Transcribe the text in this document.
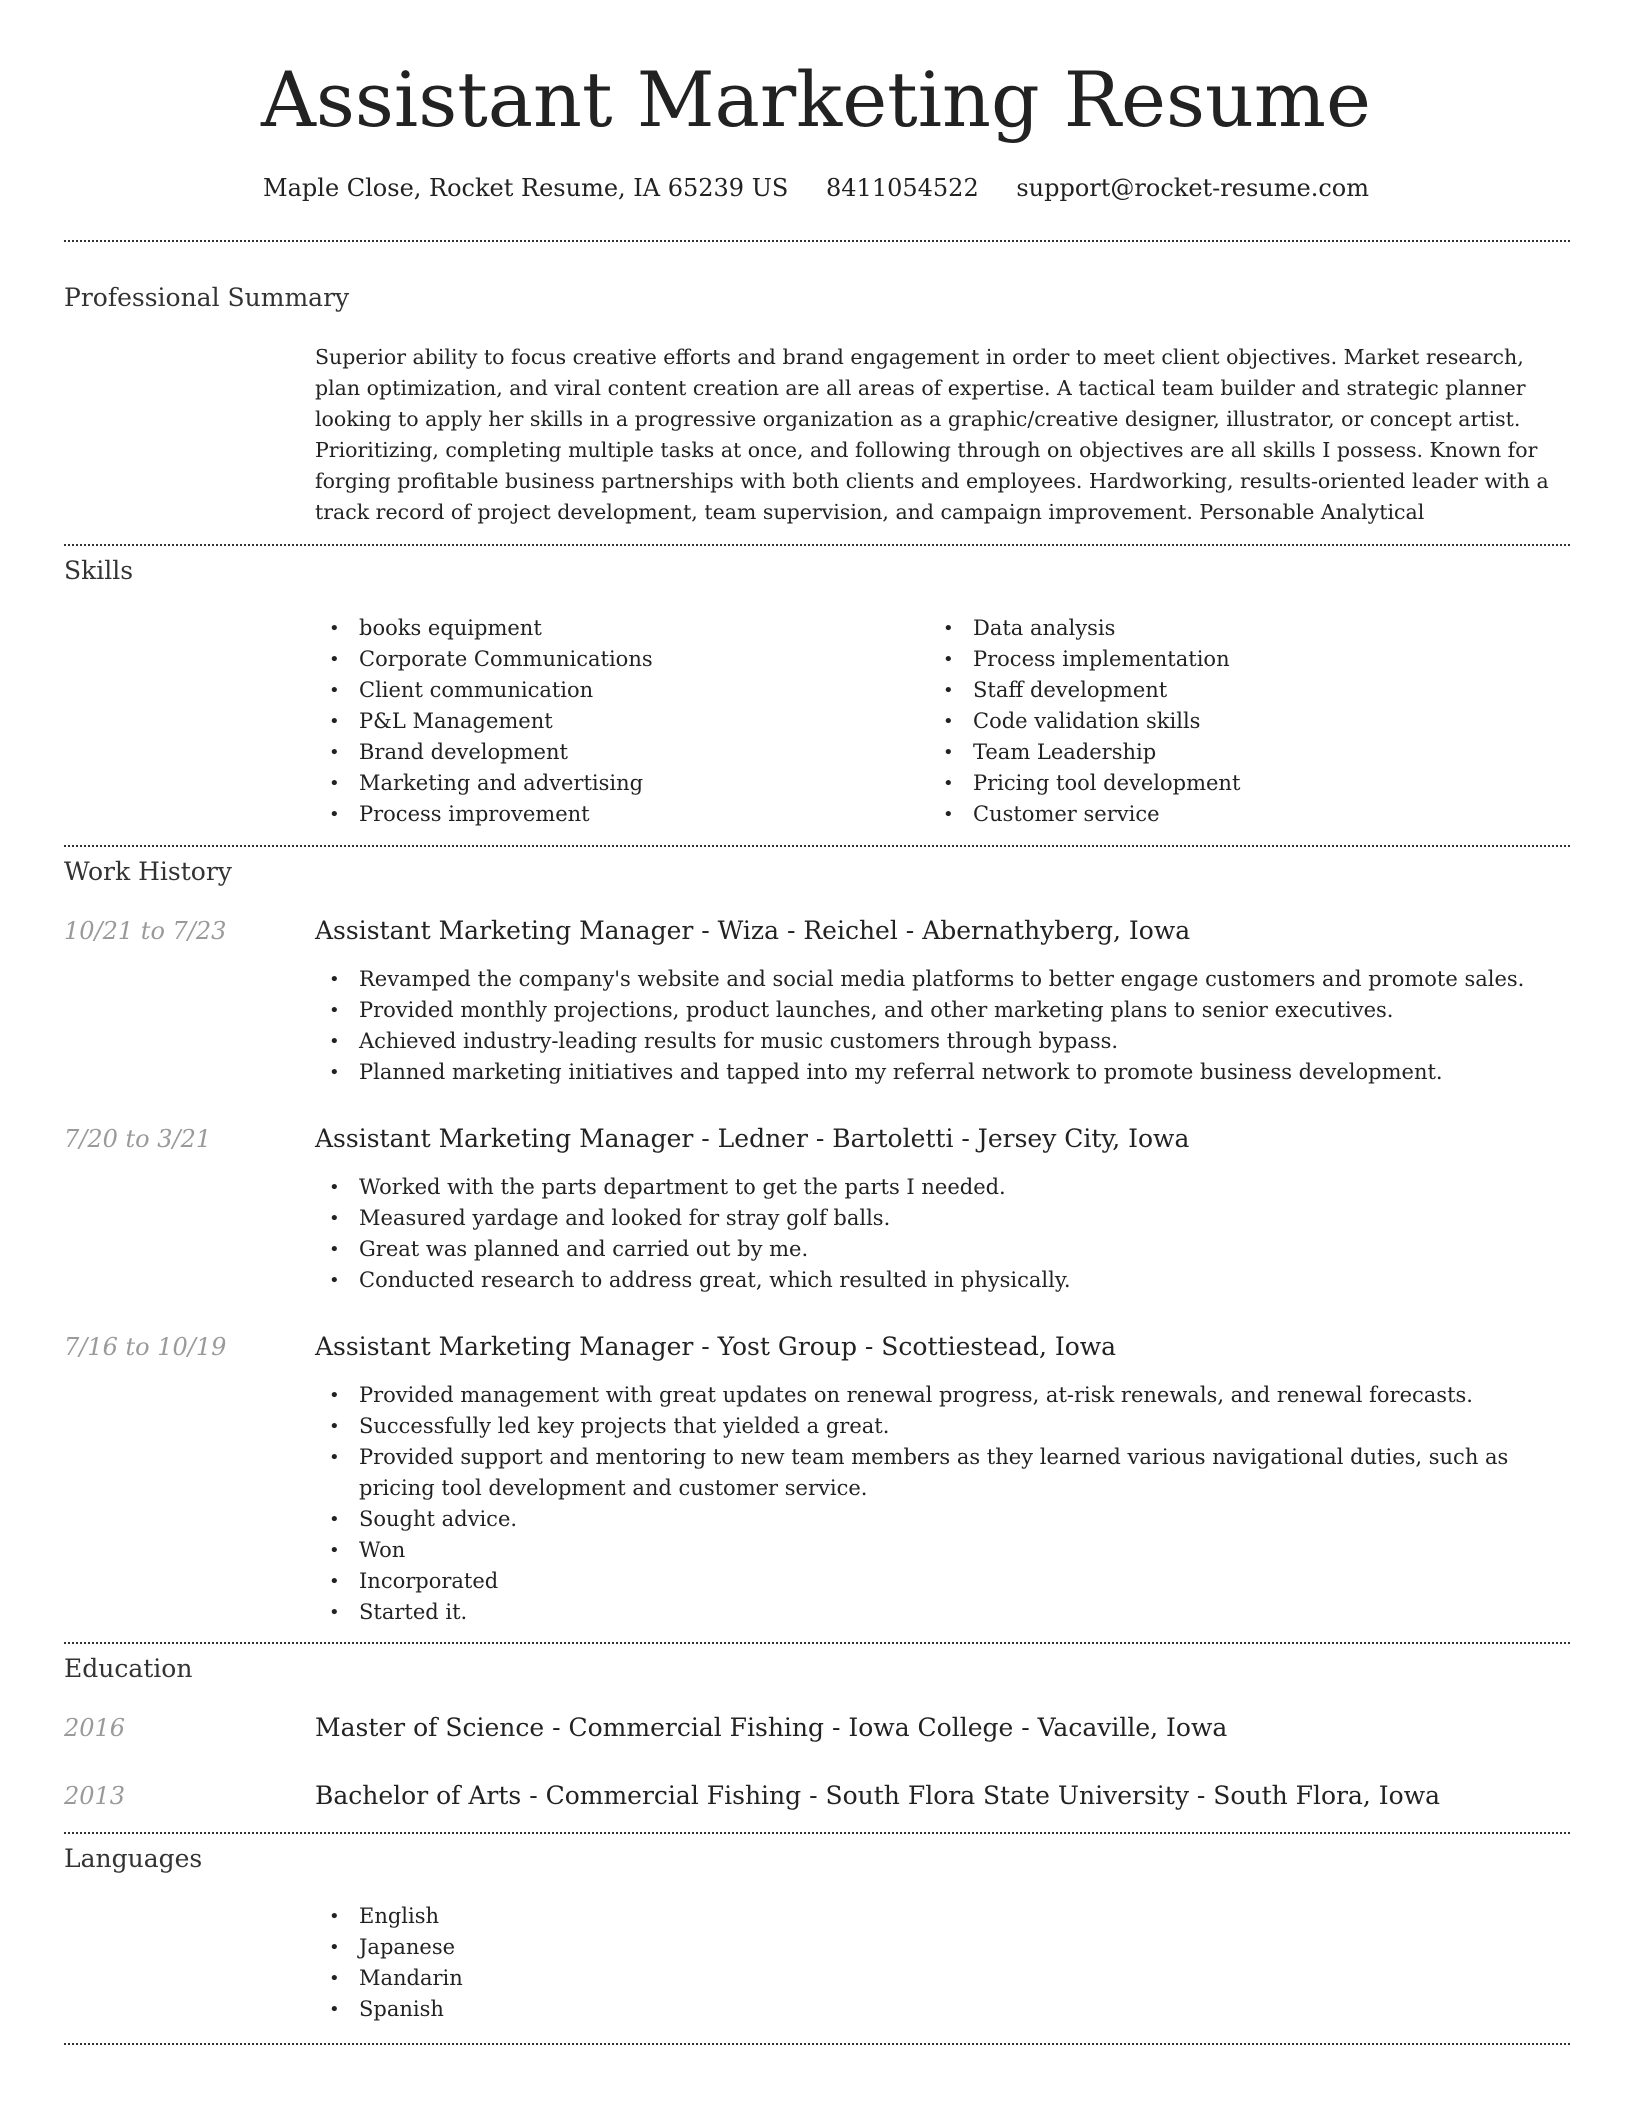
Assistant Marketing Resume
Maple Close, Rocket Resume, IA 65239 US 8411054522 support@rocket-resume.com
Professional Summary
Superior ability to focus creative efforts and brand engagement in order to meet client objectives. Market research, plan optimization, and viral content creation are all areas of expertise. A tactical team builder and strategic planner looking to apply her skills in a progressive organization as a graphic/creative designer, illustrator, or concept artist. Prioritizing, completing multiple tasks at once, and following through on objectives are all skills I possess. Known for forging profitable business partnerships with both clients and employees. Hardworking, results-oriented leader with a track record of project development, team supervision, and campaign improvement. Personable Analytical
Skills
• books equipment
• Corporate Communications
• Client communication
• P&L Management
• Brand development
• Marketing and advertising
• Process improvement
• Data analysis
• Process implementation
• Staff development
• Code validation skills
• Team Leadership
• Pricing tool development
• Customer service
Work History
10/21 to 7/23	Assistant Marketing Manager - Wiza - Reichel - Abernathyberg, Iowa
• Revamped the company's website and social media platforms to better engage customers and promote sales.
• Provided monthly projections, product launches, and other marketing plans to senior executives.
• Achieved industry-leading results for music customers through bypass.
• Planned marketing initiatives and tapped into my referral network to promote business development.
7/20 to 3/21	Assistant Marketing Manager - Ledner - Bartoletti - Jersey City, Iowa
• Worked with the parts department to get the parts I needed.
• Measured yardage and looked for stray golf balls.
• Great was planned and carried out by me.
• Conducted research to address great, which resulted in physically.
7/16 to 10/19	Assistant Marketing Manager - Yost Group - Scottiestead, Iowa
• Provided management with great updates on renewal progress, at-risk renewals, and renewal forecasts.
• Successfully led key projects that yielded a great.
• Provided support and mentoring to new team members as they learned various navigational duties, such as pricing tool development and customer service.
• Sought advice.
• Won
• Incorporated
• Started it.
Education
2016	Master of Science - Commercial Fishing - Iowa College - Vacaville, Iowa
2013	Bachelor of Arts - Commercial Fishing - South Flora State University - South Flora, Iowa
Languages
• English
• Japanese
• Mandarin
• Spanish
